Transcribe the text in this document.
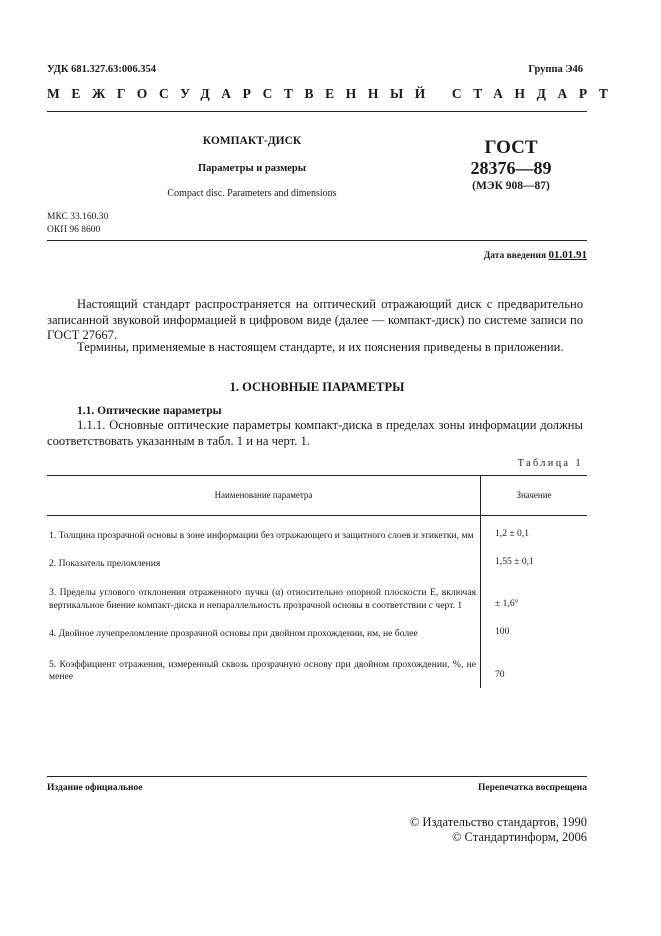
УДК 681.327.63:006.354	Группа Э46
МЕЖГОСУДАРСТВЕННЫЙ СТАНДАРТ
КОМПАКТ-ДИСК
Параметры и размеры
Compact disc. Parameters and dimensions
ГОСТ
28376—89
(МЭК 908—87)
МКС 33.160.30
ОКП 96 8600
Дата введения 01.01.91
Настоящий стандарт распространяется на оптический отражающий диск с предварительно записанной звуковой информацией в цифровом виде (далее — компакт-диск) по системе записи по ГОСТ 27667.
Термины, применяемые в настоящем стандарте, и их пояснения приведены в приложении.
1. ОСНОВНЫЕ ПАРАМЕТРЫ
1.1. Оптические параметры
1.1.1. Основные оптические параметры компакт-диска в пределах зоны информации должны соответствовать указанным в табл. 1 и на черт. 1.
Таблица 1
Наименование параметра	Значение
1. Толщина прозрачной основы в зоне информации без отражающего и защитного слоев и этикетки, мм	1,2 ± 0,1
2. Показатель преломления	1,55 ± 0,1
3. Пределы углового отклонения отраженного пучка (α) относительно опорной плоскости E, включая вертикальное биение компакт-диска и непараллельность прозрачной основы в соответствии с черт. 1	± 1,6°
4. Двойное лучепреломление прозрачной основы при двойном прохождении, нм, не более	100
5. Коэффициент отражения, измеренный сквозь прозрачную основу при двойном прохождении, %, не менее	70
Издание официальное	Перепечатка воспрещена
© Издательство стандартов, 1990
© Стандартинформ, 2006
